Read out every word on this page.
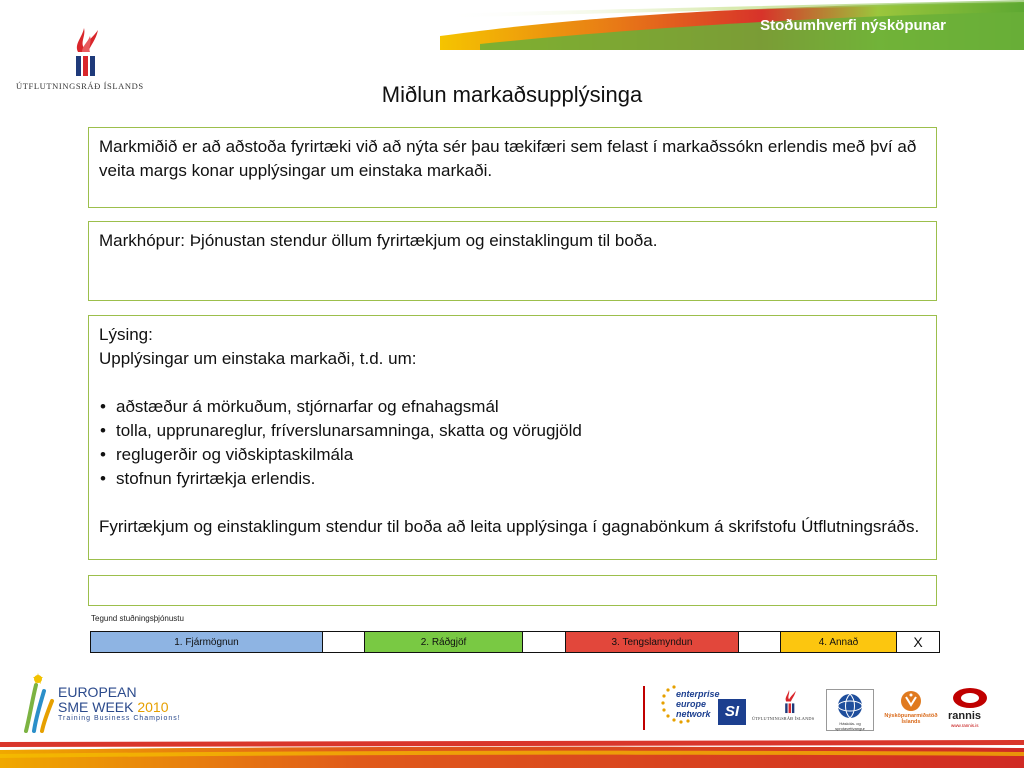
Stoðumhverfi nýsköpunar
ÚTFLUTNINGSRÁÐ ÍSLANDS	Miðlun markaðsupplýsinga

Markmiðið er að aðstoða fyrirtæki við að nýta sér þau tækifæri sem felast í markaðssókn erlendis með því að veita margs konar upplýsingar um einstaka markaði.

Markhópur: Þjónustan stendur öllum fyrirtækjum og einstaklingum til boða.

Lýsing:

Upplýsingar um einstaka markaði, t.d. um:

• aðstæður á mörkuðum, stjórnarfar og efnahagsmál
• tolla, upprunareglur, fríverslunarsamninga, skatta og vörugjöld
• reglugerðir og viðskiptaskilmála
• stofnun fyrirtækja erlendis.

Fyrirtækjum og einstaklingum stendur til boða að leita upplýsinga í gagnabönkum á skrifstofu Útflutningsráðs.

Tegund stuðningsþjónustu
1. Fjármögnun		2. Ráðgjöf		3. Tengslamyndun		4. Annað	X
EUROPEAN
SME WEEK 2010
Training Business Champions!
enterprise
europe
network SI	ÚTFLUTNINGSRÁÐ ÍSLANDS
Háskóla- og sprotavettvangur
Nýsköpunarmiðstöð Íslands	rannis
www.rannis.is
